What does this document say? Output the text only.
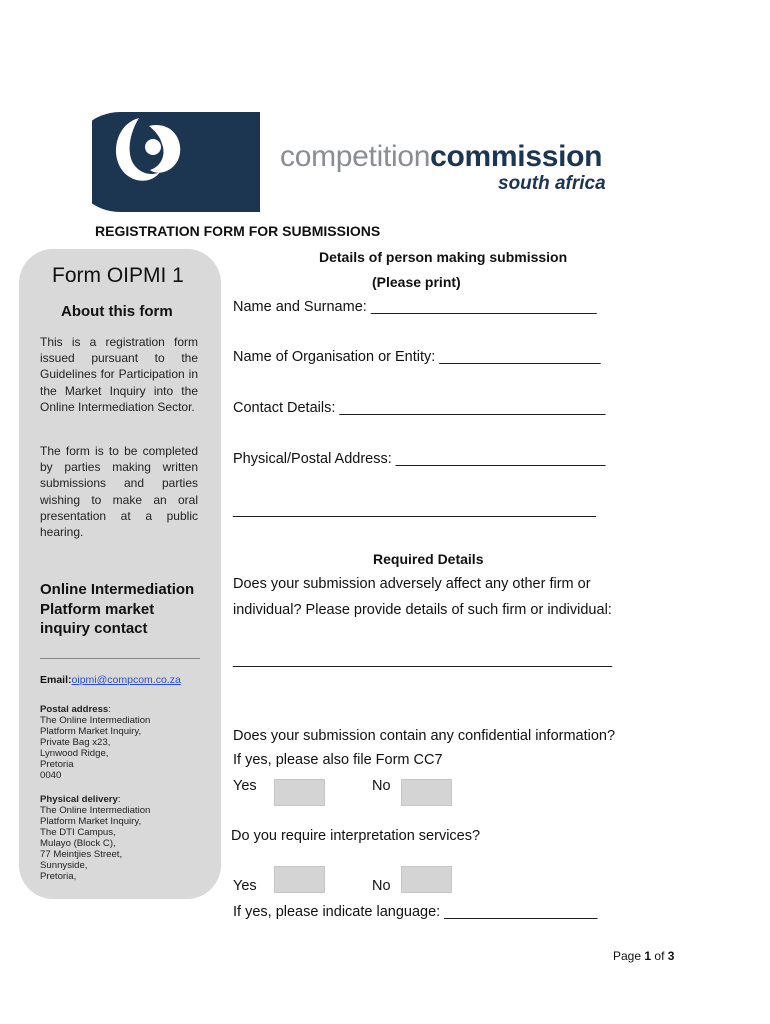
competitioncommission
south africa
REGISTRATION FORM FOR SUBMISSIONS
Form OIPMI 1
About this form
This is a registration form issued pursuant to the Guidelines for Participation in the Market Inquiry into the Online Intermediation Sector.
The form is to be completed by parties making written submissions and parties wishing to make an oral presentation at a public hearing.
Online Intermediation Platform market inquiry contact
Email:oipmi@compcom.co.za
Postal address:
The Online Intermediation
Platform Market Inquiry,
Private Bag x23,
Lynwood Ridge,
Pretoria
0040
Physical delivery:
The Online Intermediation
Platform Market Inquiry,
The DTI Campus,
Mulayo (Block C),
77 Meintjies Street,
Sunnyside,
Pretoria,
Details of person making submission
(Please print)
Name and Surname: ____________________________
Name of Organisation or Entity: ____________________
Contact Details: _________________________________
Physical/Postal Address: __________________________
_____________________________________________
Required Details
Does your submission adversely affect any other firm or
individual? Please provide details of such firm or individual:
_______________________________________________
Does your submission contain any confidential information?
If yes, please also file Form CC7
Yes	No
Do you require interpretation services?
Yes	No
If yes, please indicate language: ___________________
Page 1 of 3
